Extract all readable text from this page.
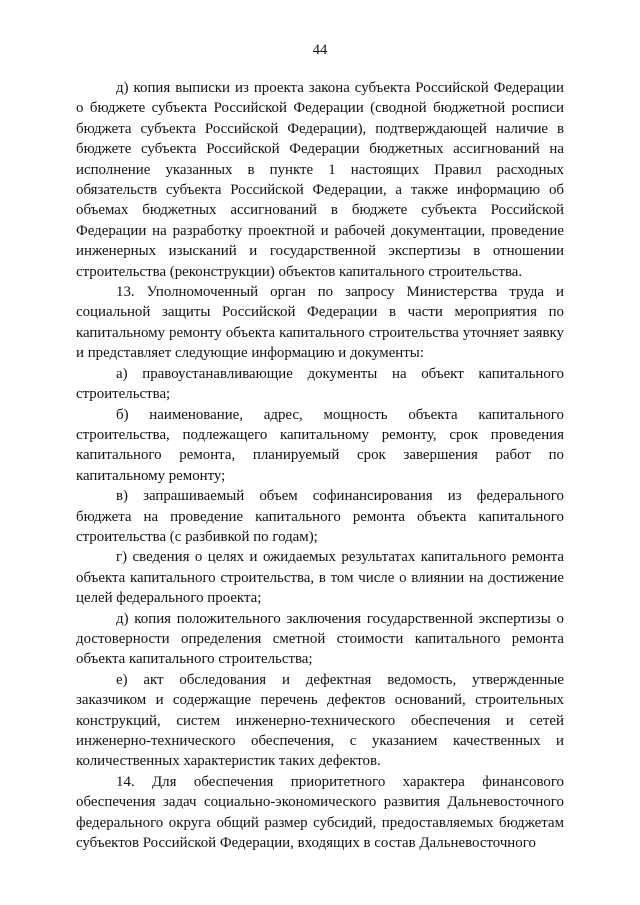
44

д) копия выписки из проекта закона субъекта Российской Федерации о бюджете субъекта Российской Федерации (сводной бюджетной росписи бюджета субъекта Российской Федерации), подтверждающей наличие в бюджете субъекта Российской Федерации бюджетных ассигнований на исполнение указанных в пункте 1 настоящих Правил расходных обязательств субъекта Российской Федерации, а также информацию об объемах бюджетных ассигнований в бюджете субъекта Российской Федерации на разработку проектной и рабочей документации, проведение инженерных изысканий и государственной экспертизы в отношении строительства (реконструкции) объектов капитального строительства.

13. Уполномоченный орган по запросу Министерства труда и социальной защиты Российской Федерации в части мероприятия по капитальному ремонту объекта капитального строительства уточняет заявку и представляет следующие информацию и документы:

а) правоустанавливающие документы на объект капитального строительства;

б) наименование, адрес, мощность объекта капитального строительства, подлежащего капитальному ремонту, срок проведения капитального ремонта, планируемый срок завершения работ по капитальному ремонту;

в) запрашиваемый объем софинансирования из федерального бюджета на проведение капитального ремонта объекта капитального строительства (с разбивкой по годам);

г) сведения о целях и ожидаемых результатах капитального ремонта объекта капитального строительства, в том числе о влиянии на достижение целей федерального проекта;

д) копия положительного заключения государственной экспертизы о достоверности определения сметной стоимости капитального ремонта объекта капитального строительства;

е) акт обследования и дефектная ведомость, утвержденные заказчиком и содержащие перечень дефектов оснований, строительных конструкций, систем инженерно-технического обеспечения и сетей инженерно-технического обеспечения, с указанием качественных и количественных характеристик таких дефектов.

14. Для обеспечения приоритетного характера финансового обеспечения задач социально-экономического развития Дальневосточного федерального округа общий размер субсидий, предоставляемых бюджетам субъектов Российской Федерации, входящих в состав Дальневосточного
